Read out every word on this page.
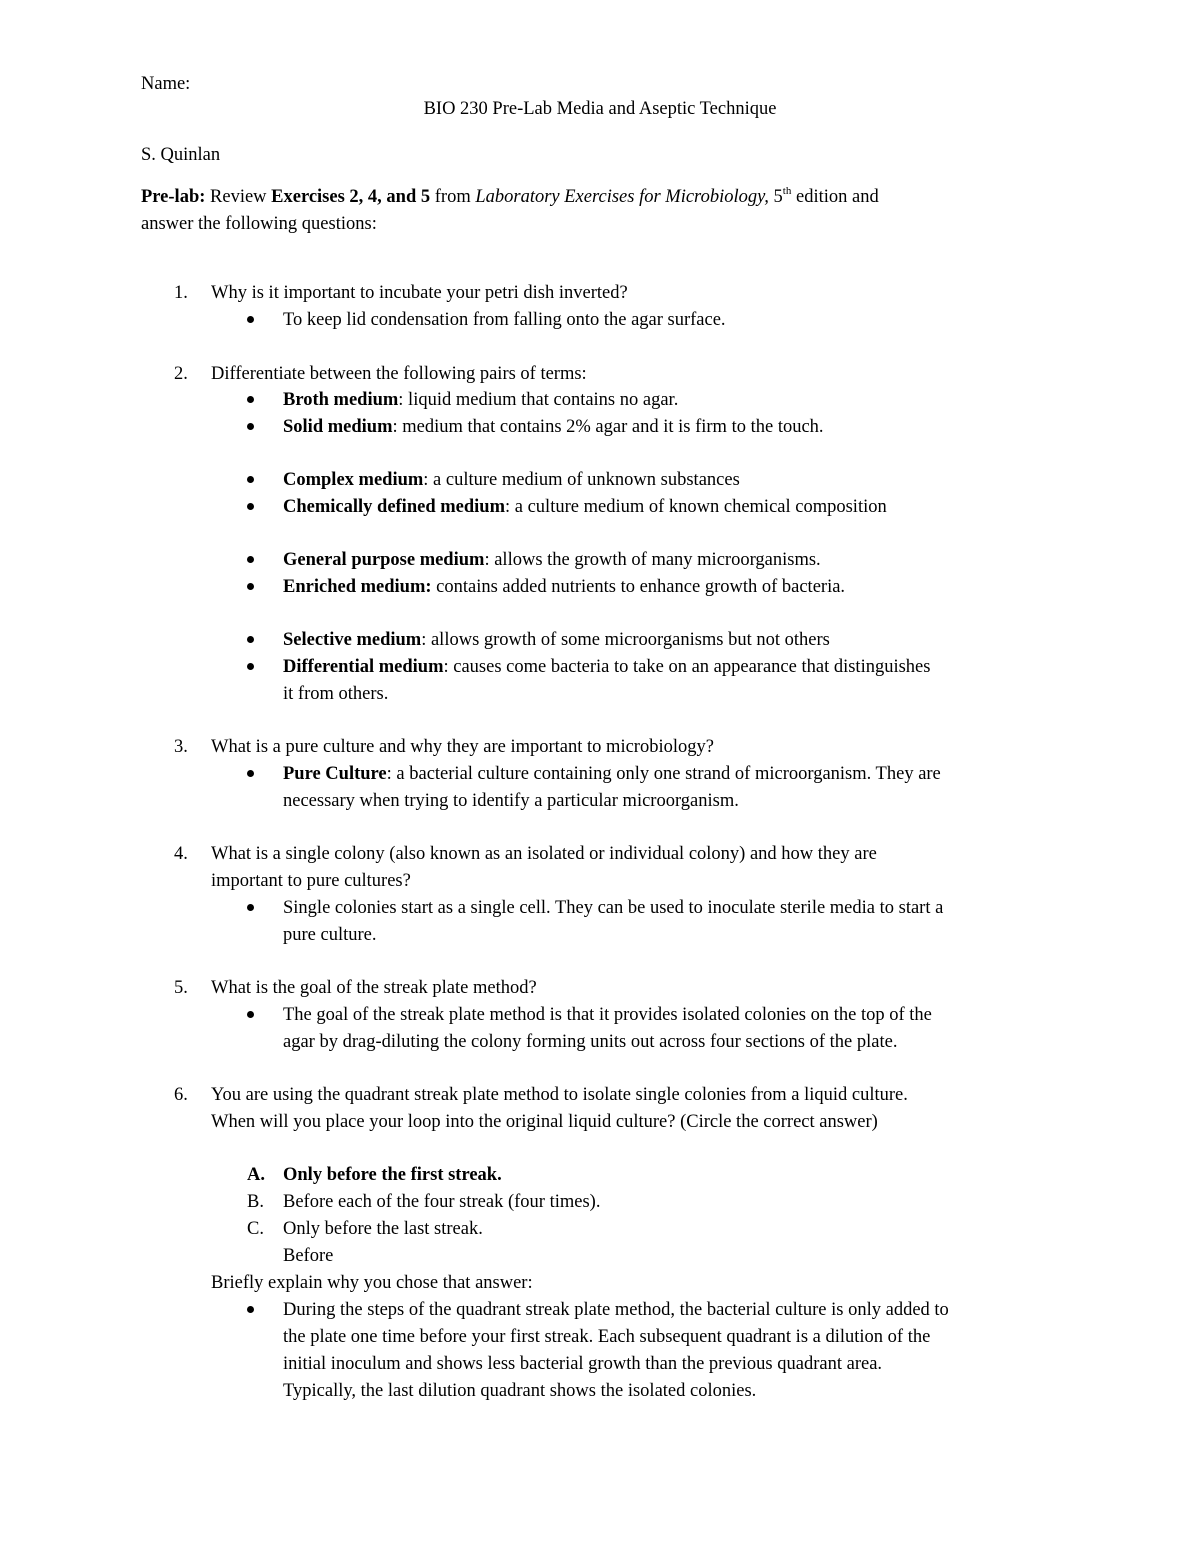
Name:
BIO 230 Pre-Lab Media and Aseptic Technique
S. Quinlan
Pre-lab: Review Exercises 2, 4, and 5 from Laboratory Exercises for Microbiology, 5th edition and
answer the following questions:
1. Why is it important to incubate your petri dish inverted?
To keep lid condensation from falling onto the agar surface.
2. Differentiate between the following pairs of terms:
Broth medium: liquid medium that contains no agar.
Solid medium: medium that contains 2% agar and it is firm to the touch.
Complex medium: a culture medium of unknown substances
Chemically defined medium: a culture medium of known chemical composition
General purpose medium: allows the growth of many microorganisms.
Enriched medium: contains added nutrients to enhance growth of bacteria.
Selective medium: allows growth of some microorganisms but not others
Differential medium: causes come bacteria to take on an appearance that distinguishes
it from others.
3. What is a pure culture and why they are important to microbiology?
Pure Culture: a bacterial culture containing only one strand of microorganism. They are
necessary when trying to identify a particular microorganism.
4. What is a single colony (also known as an isolated or individual colony) and how they are
important to pure cultures?
Single colonies start as a single cell. They can be used to inoculate sterile media to start a
pure culture.
5. What is the goal of the streak plate method?
The goal of the streak plate method is that it provides isolated colonies on the top of the
agar by drag-diluting the colony forming units out across four sections of the plate.
6. You are using the quadrant streak plate method to isolate single colonies from a liquid culture.
When will you place your loop into the original liquid culture? (Circle the correct answer)
A. Only before the first streak.
B. Before each of the four streak (four times).
C. Only before the last streak.
Before
Briefly explain why you chose that answer:
During the steps of the quadrant streak plate method, the bacterial culture is only added to
the plate one time before your first streak. Each subsequent quadrant is a dilution of the
initial inoculum and shows less bacterial growth than the previous quadrant area.
Typically, the last dilution quadrant shows the isolated colonies.
